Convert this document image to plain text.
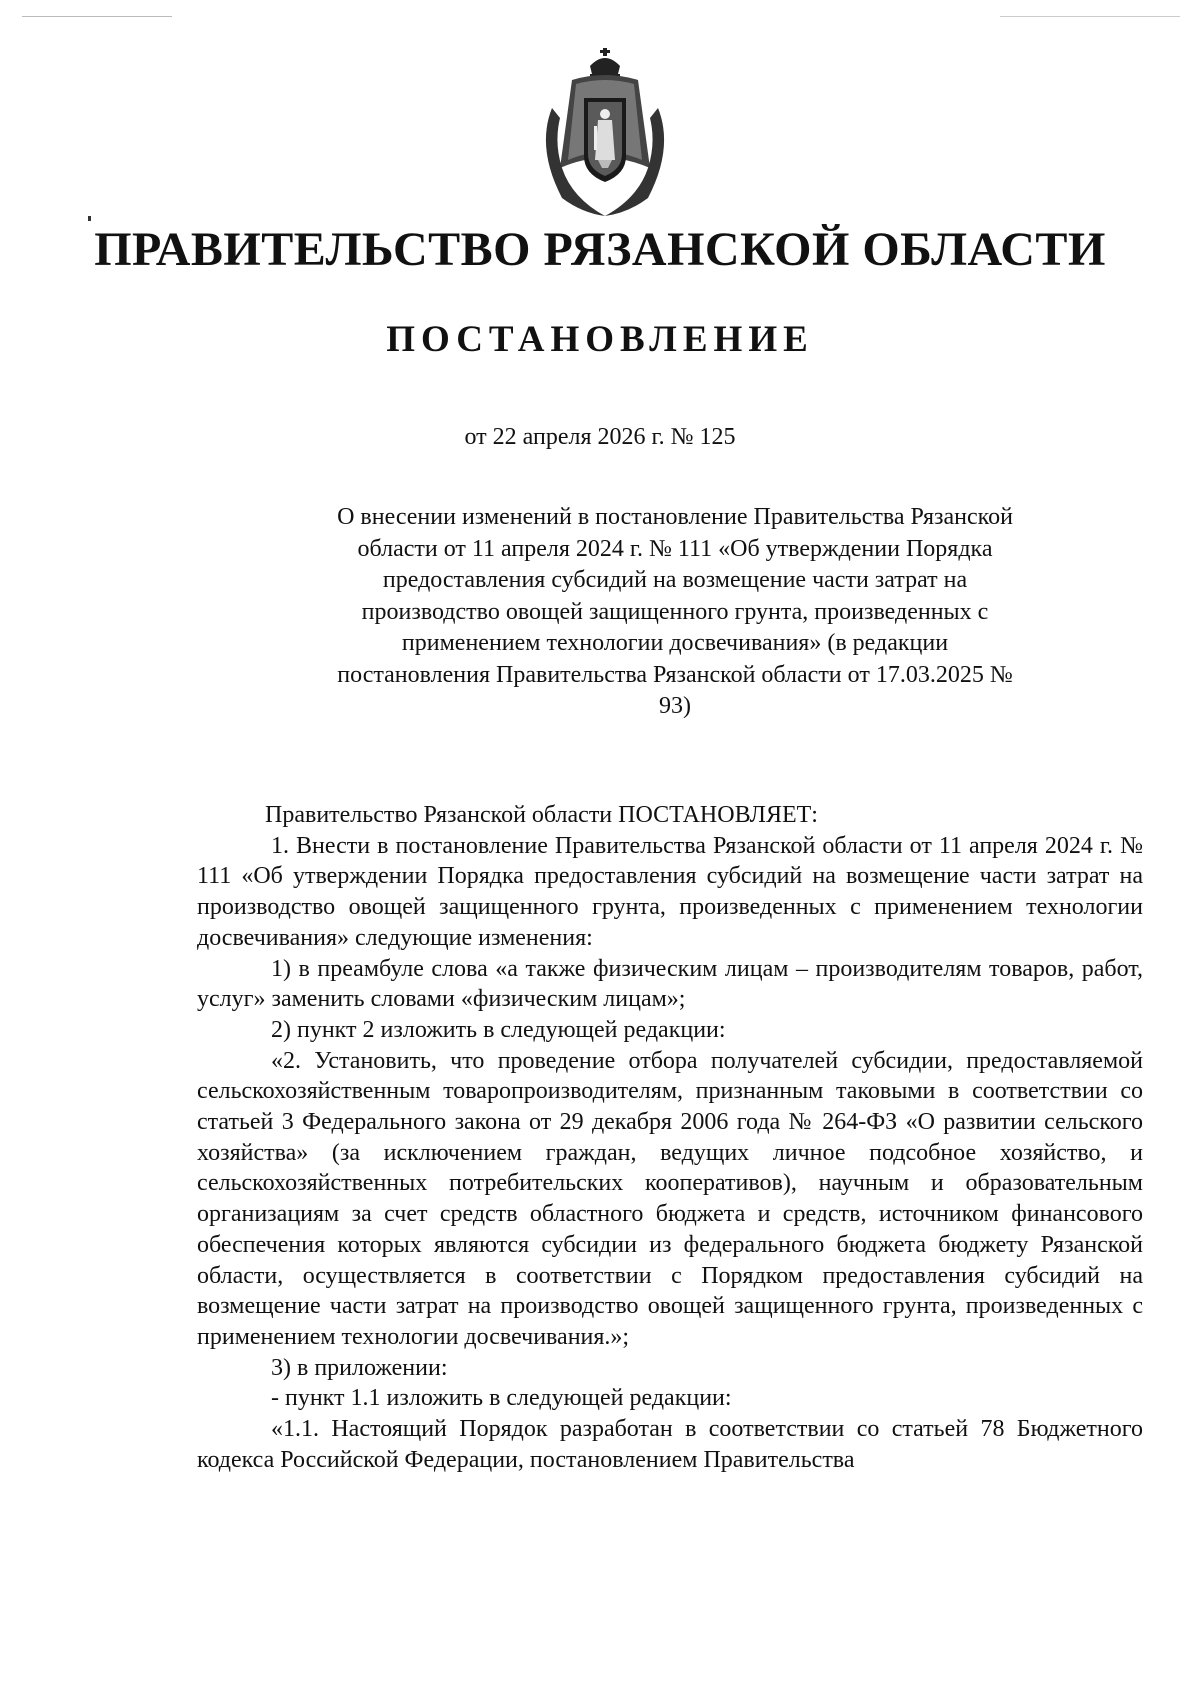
ПРАВИТЕЛЬСТВО РЯЗАНСКОЙ ОБЛАСТИ
ПОСТАНОВЛЕНИЕ
от 22 апреля 2026 г. № 125
О внесении изменений в постановление Правительства Рязанской области от 11 апреля 2024 г. № 111 «Об утверждении Порядка предоставления субсидий на возмещение части затрат на производство овощей защищенного грунта, произведенных с применением технологии досвечивания» (в редакции постановления Правительства Рязанской области от 17.03.2025 № 93)

Правительство Рязанской области ПОСТАНОВЛЯЕТ:

1. Внести в постановление Правительства Рязанской области от 11 апреля 2024 г. № 111 «Об утверждении Порядка предоставления субсидий на возмещение части затрат на производство овощей защищенного грунта, произведенных с применением технологии досвечивания» следующие изменения:

1) в преамбуле слова «а также физическим лицам – производителям товаров, работ, услуг» заменить словами «физическим лицам»;

2) пункт 2 изложить в следующей редакции:

«2. Установить, что проведение отбора получателей субсидии, предоставляемой сельскохозяйственным товаропроизводителям, признанным таковыми в соответствии со статьей 3 Федерального закона от 29 декабря 2006 года № 264-ФЗ «О развитии сельского хозяйства» (за исключением граждан, ведущих личное подсобное хозяйство, и сельскохозяйственных потребительских кооперативов), научным и образовательным организациям за счет средств областного бюджета и средств, источником финансового обеспечения которых являются субсидии из федерального бюджета бюджету Рязанской области, осуществляется в соответствии с Порядком предоставления субсидий на возмещение части затрат на производство овощей защищенного грунта, произведенных с применением технологии досвечивания.»;

3) в приложении:

- пункт 1.1 изложить в следующей редакции:

«1.1. Настоящий Порядок разработан в соответствии со статьей 78 Бюджетного кодекса Российской Федерации, постановлением Правительства
